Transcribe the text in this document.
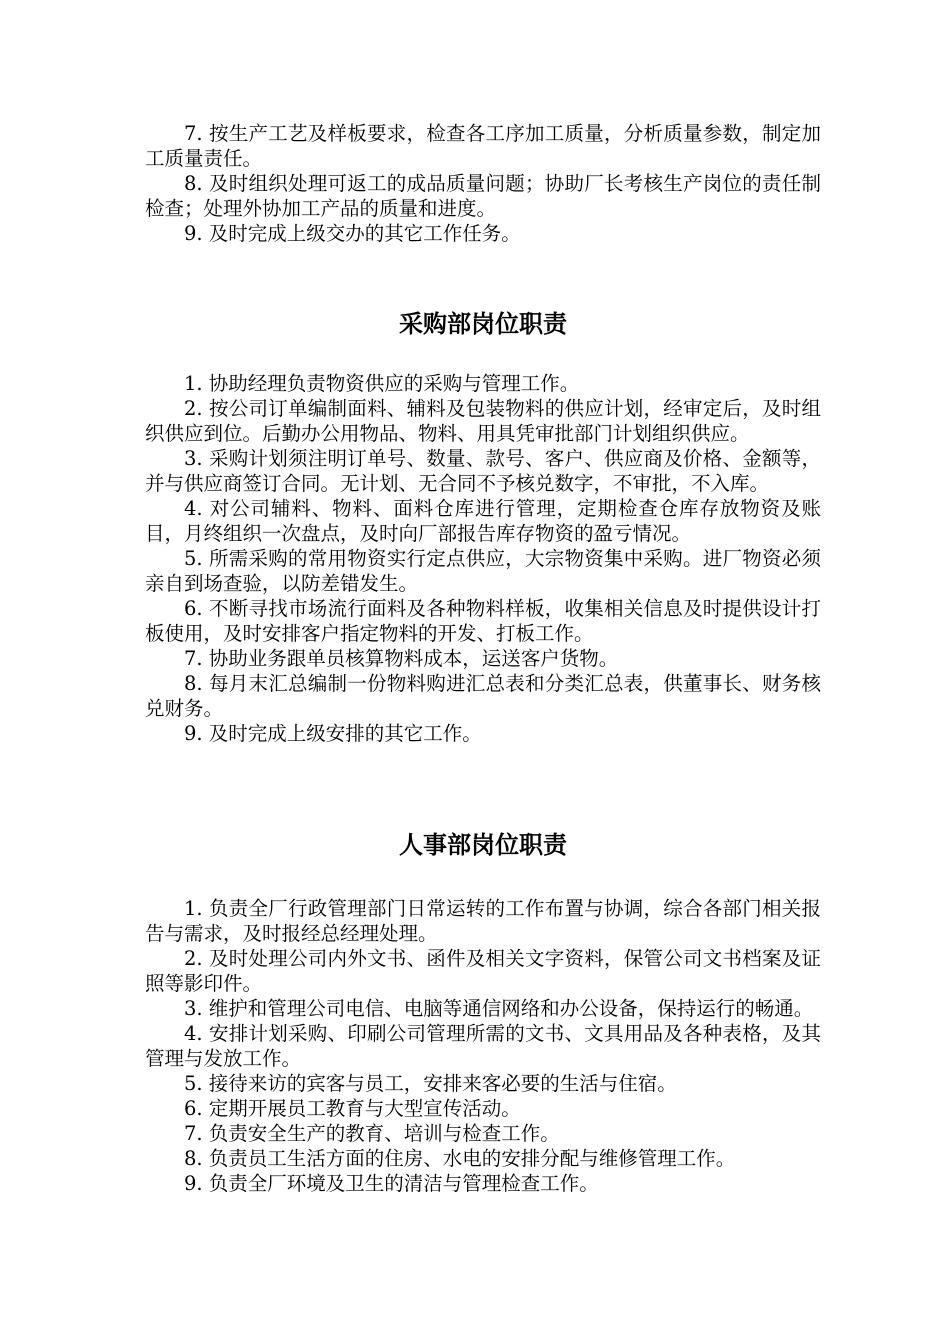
7. 按生产工艺及样板要求，检查各工序加工质量，分析质量参数，制定加工质量责任。

8. 及时组织处理可返工的成品质量问题；协助厂长考核生产岗位的责任制检查；处理外协加工产品的质量和进度。

9. 及时完成上级交办的其它工作任务。

采购部岗位职责

1. 协助经理负责物资供应的采购与管理工作。

2. 按公司订单编制面料、辅料及包装物料的供应计划，经审定后，及时组织供应到位。后勤办公用物品、物料、用具凭审批部门计划组织供应。

3. 采购计划须注明订单号、数量、款号、客户、供应商及价格、金额等，并与供应商签订合同。无计划、无合同不予核兑数字，不审批，不入库。

4. 对公司辅料、物料、面料仓库进行管理，定期检查仓库存放物资及账目，月终组织一次盘点，及时向厂部报告库存物资的盈亏情况。

5. 所需采购的常用物资实行定点供应，大宗物资集中采购。进厂物资必须亲自到场查验，以防差错发生。

6. 不断寻找市场流行面料及各种物料样板，收集相关信息及时提供设计打板使用，及时安排客户指定物料的开发、打板工作。

7. 协助业务跟单员核算物料成本，运送客户货物。

8. 每月末汇总编制一份物料购进汇总表和分类汇总表，供董事长、财务核兑财务。

9. 及时完成上级安排的其它工作。

人事部岗位职责

1. 负责全厂行政管理部门日常运转的工作布置与协调，综合各部门相关报告与需求，及时报经总经理处理。

2. 及时处理公司内外文书、函件及相关文字资料，保管公司文书档案及证照等影印件。

3. 维护和管理公司电信、电脑等通信网络和办公设备，保持运行的畅通。

4. 安排计划采购、印刷公司管理所需的文书、文具用品及各种表格，及其管理与发放工作。

5. 接待来访的宾客与员工，安排来客必要的生活与住宿。

6. 定期开展员工教育与大型宣传活动。

7. 负责安全生产的教育、培训与检查工作。

8. 负责员工生活方面的住房、水电的安排分配与维修管理工作。

9. 负责全厂环境及卫生的清洁与管理检查工作。
